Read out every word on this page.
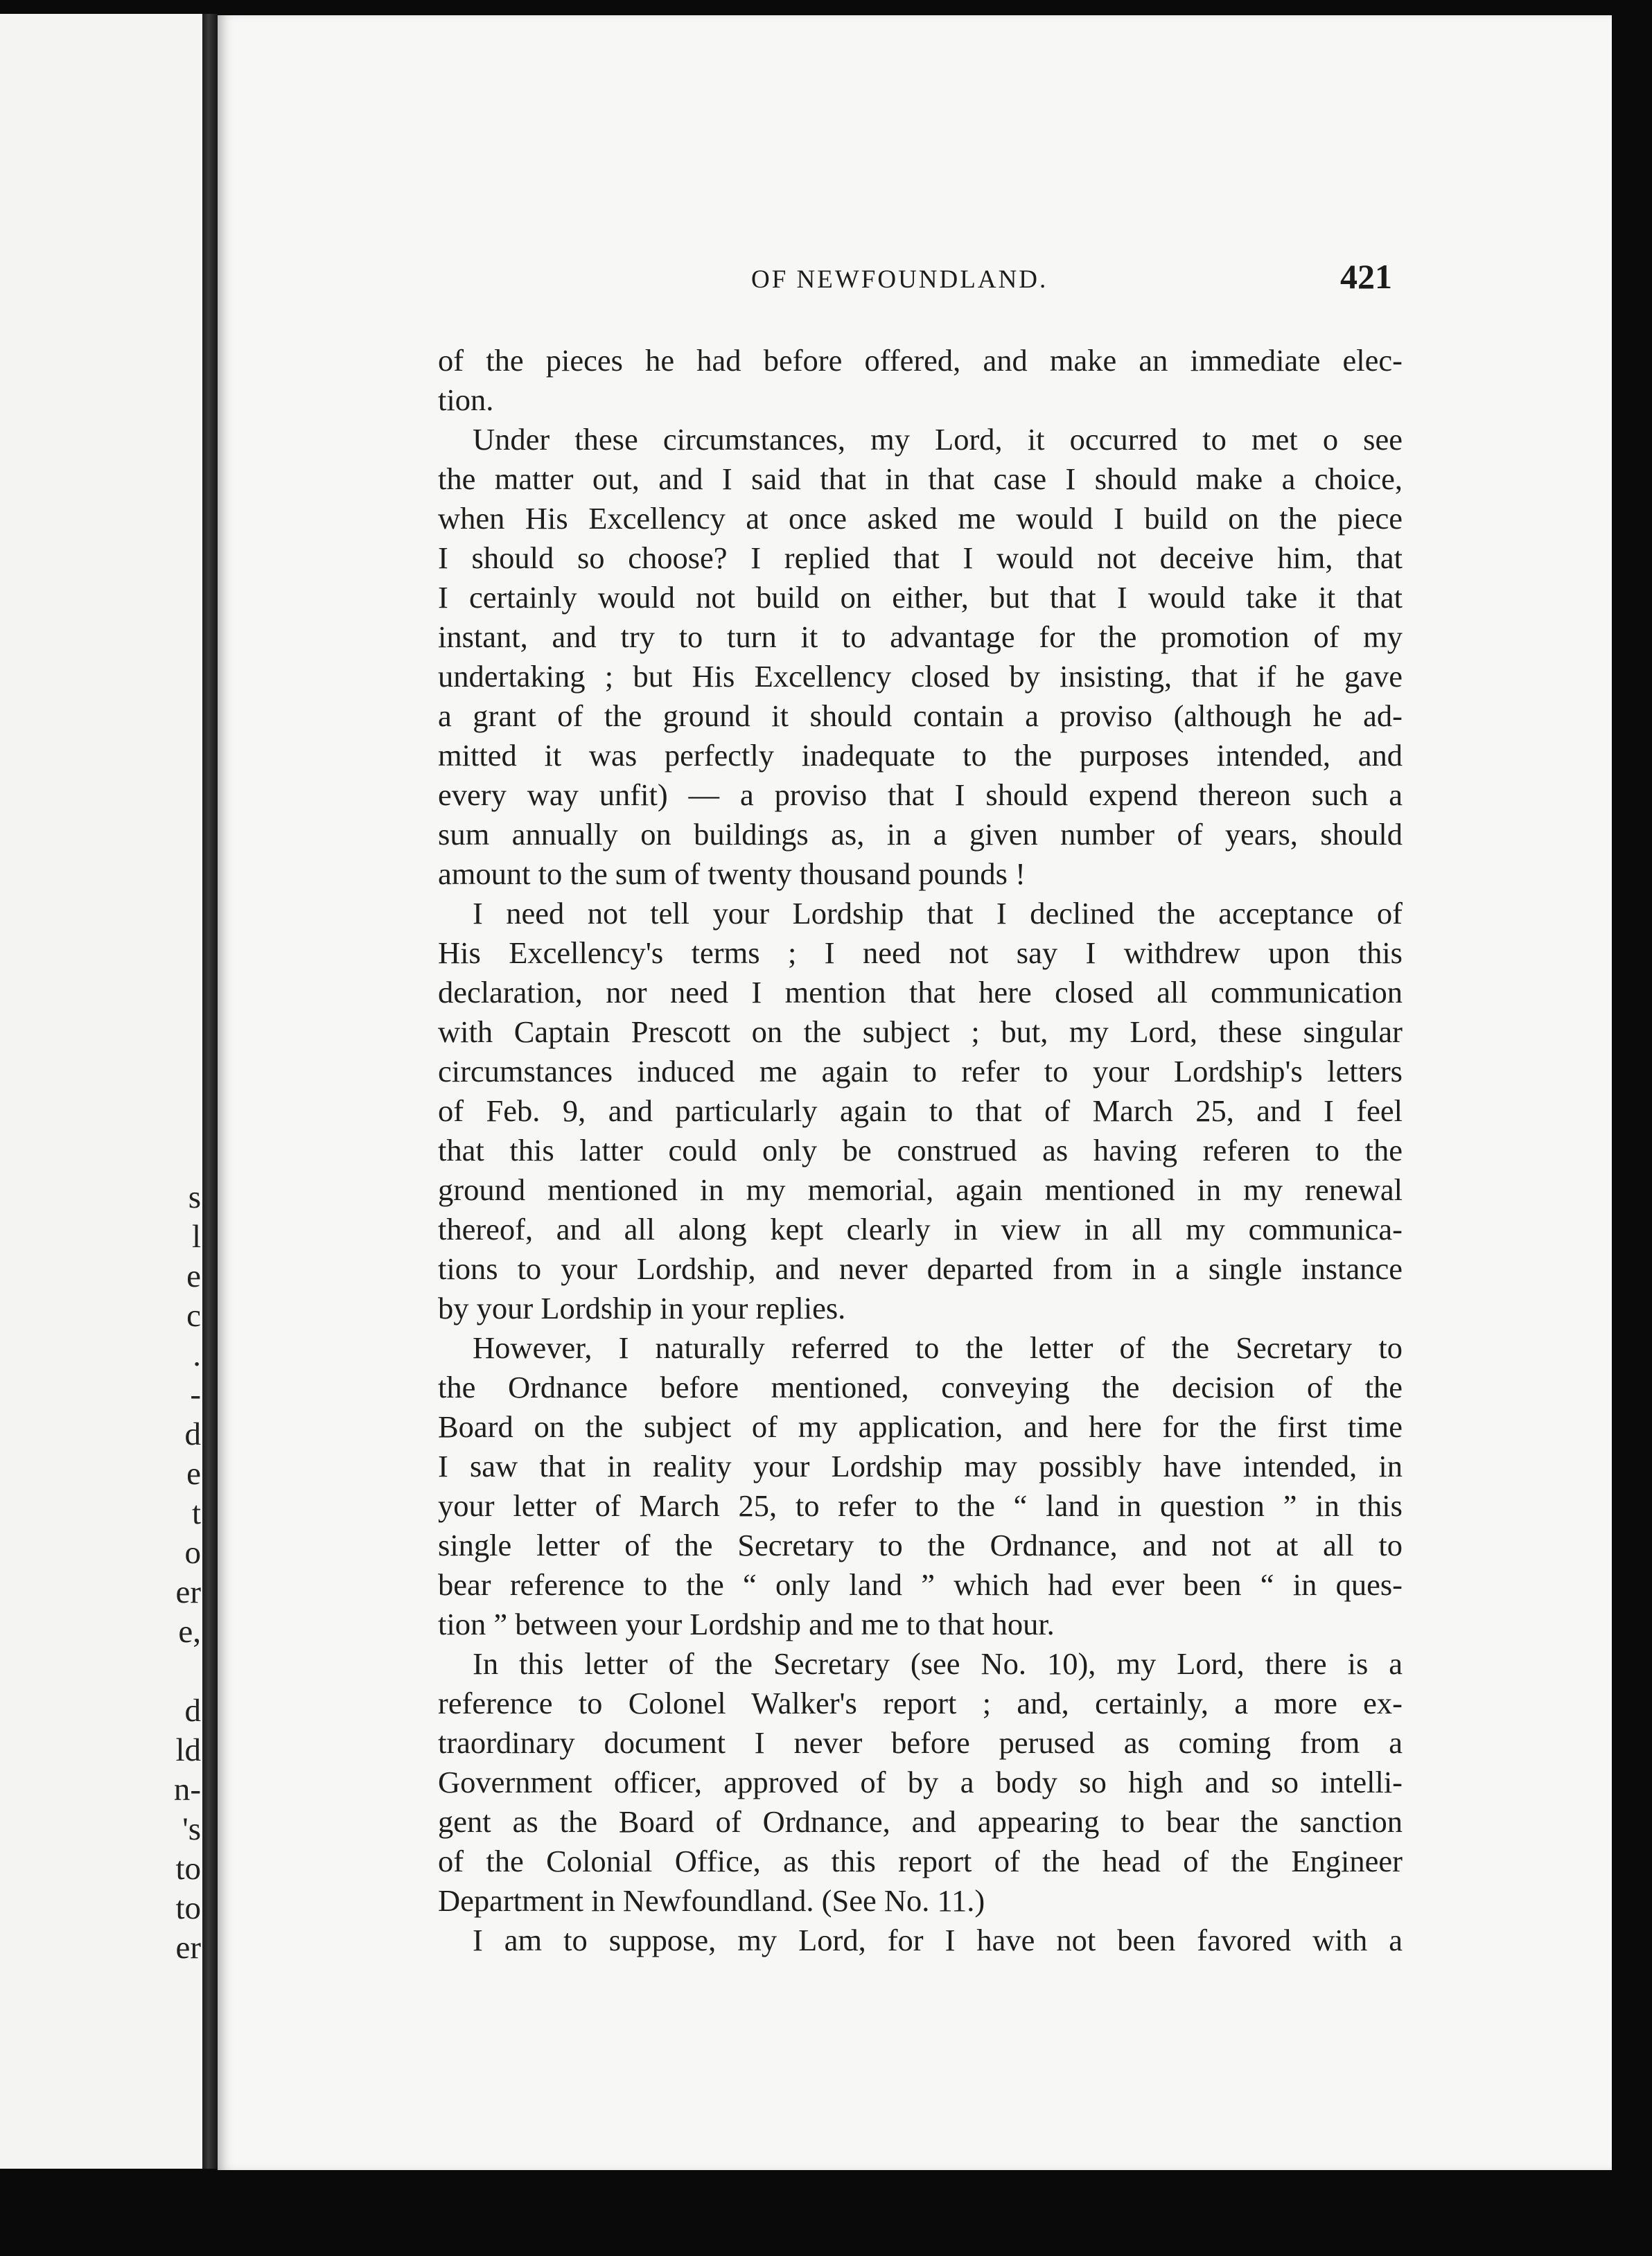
s
l
e
c
.
-
d
e
t
o
er
e,
d
ld
n-
's
to
to
er
OF NEWFOUNDLAND.	421
of the pieces he had before offered, and make an immediate elec-
tion.
Under these circumstances, my Lord, it occurred to met o see
the matter out, and I said that in that case I should make a choice,
when His Excellency at once asked me would I build on the piece
I should so choose? I replied that I would not deceive him, that
I certainly would not build on either, but that I would take it that
instant, and try to turn it to advantage for the promotion of my
undertaking ; but His Excellency closed by insisting, that if he gave
a grant of the ground it should contain a proviso (although he ad-
mitted it was perfectly inadequate to the purposes intended, and
every way unfit) — a proviso that I should expend thereon such a
sum annually on buildings as, in a given number of years, should
amount to the sum of twenty thousand pounds !
I need not tell your Lordship that I declined the acceptance of
His Excellency's terms ; I need not say I withdrew upon this
declaration, nor need I mention that here closed all communication
with Captain Prescott on the subject ; but, my Lord, these singular
circumstances induced me again to refer to your Lordship's letters
of Feb. 9, and particularly again to that of March 25, and I feel
that this latter could only be construed as having referen to the
ground mentioned in my memorial, again mentioned in my renewal
thereof, and all along kept clearly in view in all my communica-
tions to your Lordship, and never departed from in a single instance
by your Lordship in your replies.
However, I naturally referred to the letter of the Secretary to
the Ordnance before mentioned, conveying the decision of the
Board on the subject of my application, and here for the first time
I saw that in reality your Lordship may possibly have intended, in
your letter of March 25, to refer to the “ land in question ” in this
single letter of the Secretary to the Ordnance, and not at all to
bear reference to the “ only land ” which had ever been “ in ques-
tion ” between your Lordship and me to that hour.
In this letter of the Secretary (see No. 10), my Lord, there is a
reference to Colonel Walker's report ; and, certainly, a more ex-
traordinary document I never before perused as coming from a
Government officer, approved of by a body so high and so intelli-
gent as the Board of Ordnance, and appearing to bear the sanction
of the Colonial Office, as this report of the head of the Engineer
Department in Newfoundland. (See No. 11.)
I am to suppose, my Lord, for I have not been favored with a
